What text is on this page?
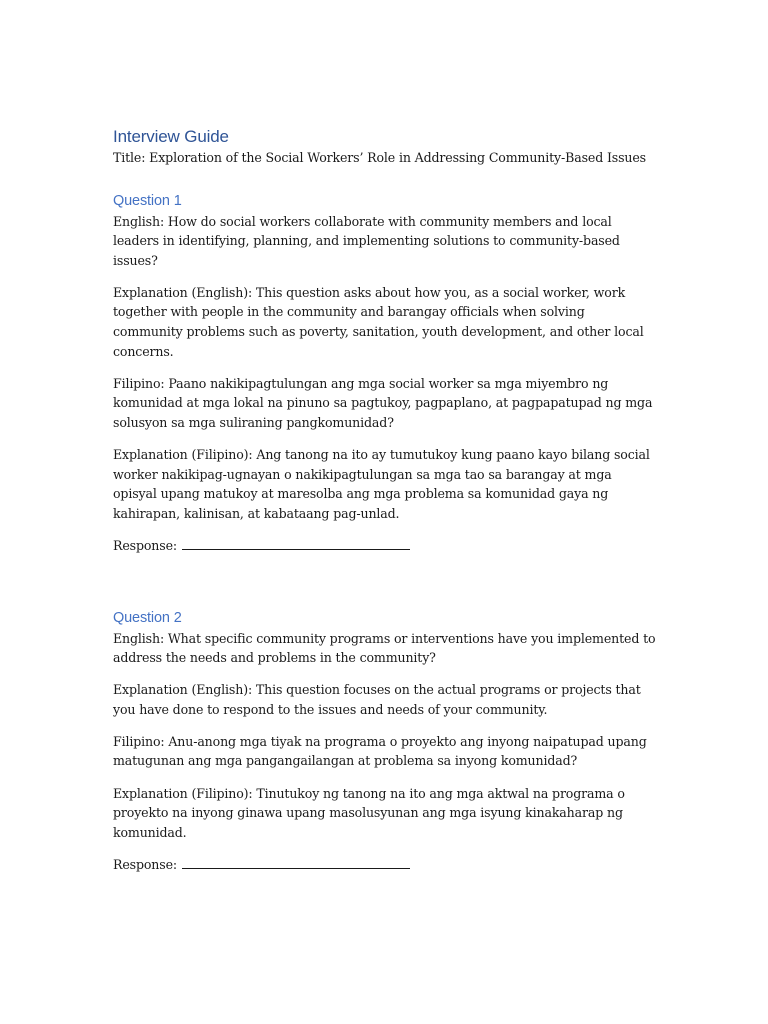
Interview Guide

Title: Exploration of the Social Workers’ Role in Addressing Community-Based Issues

Question 1

English: How do social workers collaborate with community members and local leaders in identifying, planning, and implementing solutions to community-based issues?

Explanation (English): This question asks about how you, as a social worker, work together with people in the community and barangay officials when solving community problems such as poverty, sanitation, youth development, and other local concerns.

Filipino: Paano nakikipagtulungan ang mga social worker sa mga miyembro ng komunidad at mga lokal na pinuno sa pagtukoy, pagpaplano, at pagpapatupad ng mga solusyon sa mga suliraning pangkomunidad?

Explanation (Filipino): Ang tanong na ito ay tumutukoy kung paano kayo bilang social worker nakikipag-ugnayan o nakikipagtulungan sa mga tao sa barangay at mga opisyal upang matukoy at maresolba ang mga problema sa komunidad gaya ng kahirapan, kalinisan, at kabataang pag-unlad.

Response:

Question 2

English: What specific community programs or interventions have you implemented to address the needs and problems in the community?

Explanation (English): This question focuses on the actual programs or projects that you have done to respond to the issues and needs of your community.

Filipino: Anu-anong mga tiyak na programa o proyekto ang inyong naipatupad upang matugunan ang mga pangangailangan at problema sa inyong komunidad?

Explanation (Filipino): Tinutukoy ng tanong na ito ang mga aktwal na programa o proyekto na inyong ginawa upang masolusyunan ang mga isyung kinakaharap ng komunidad.

Response:
